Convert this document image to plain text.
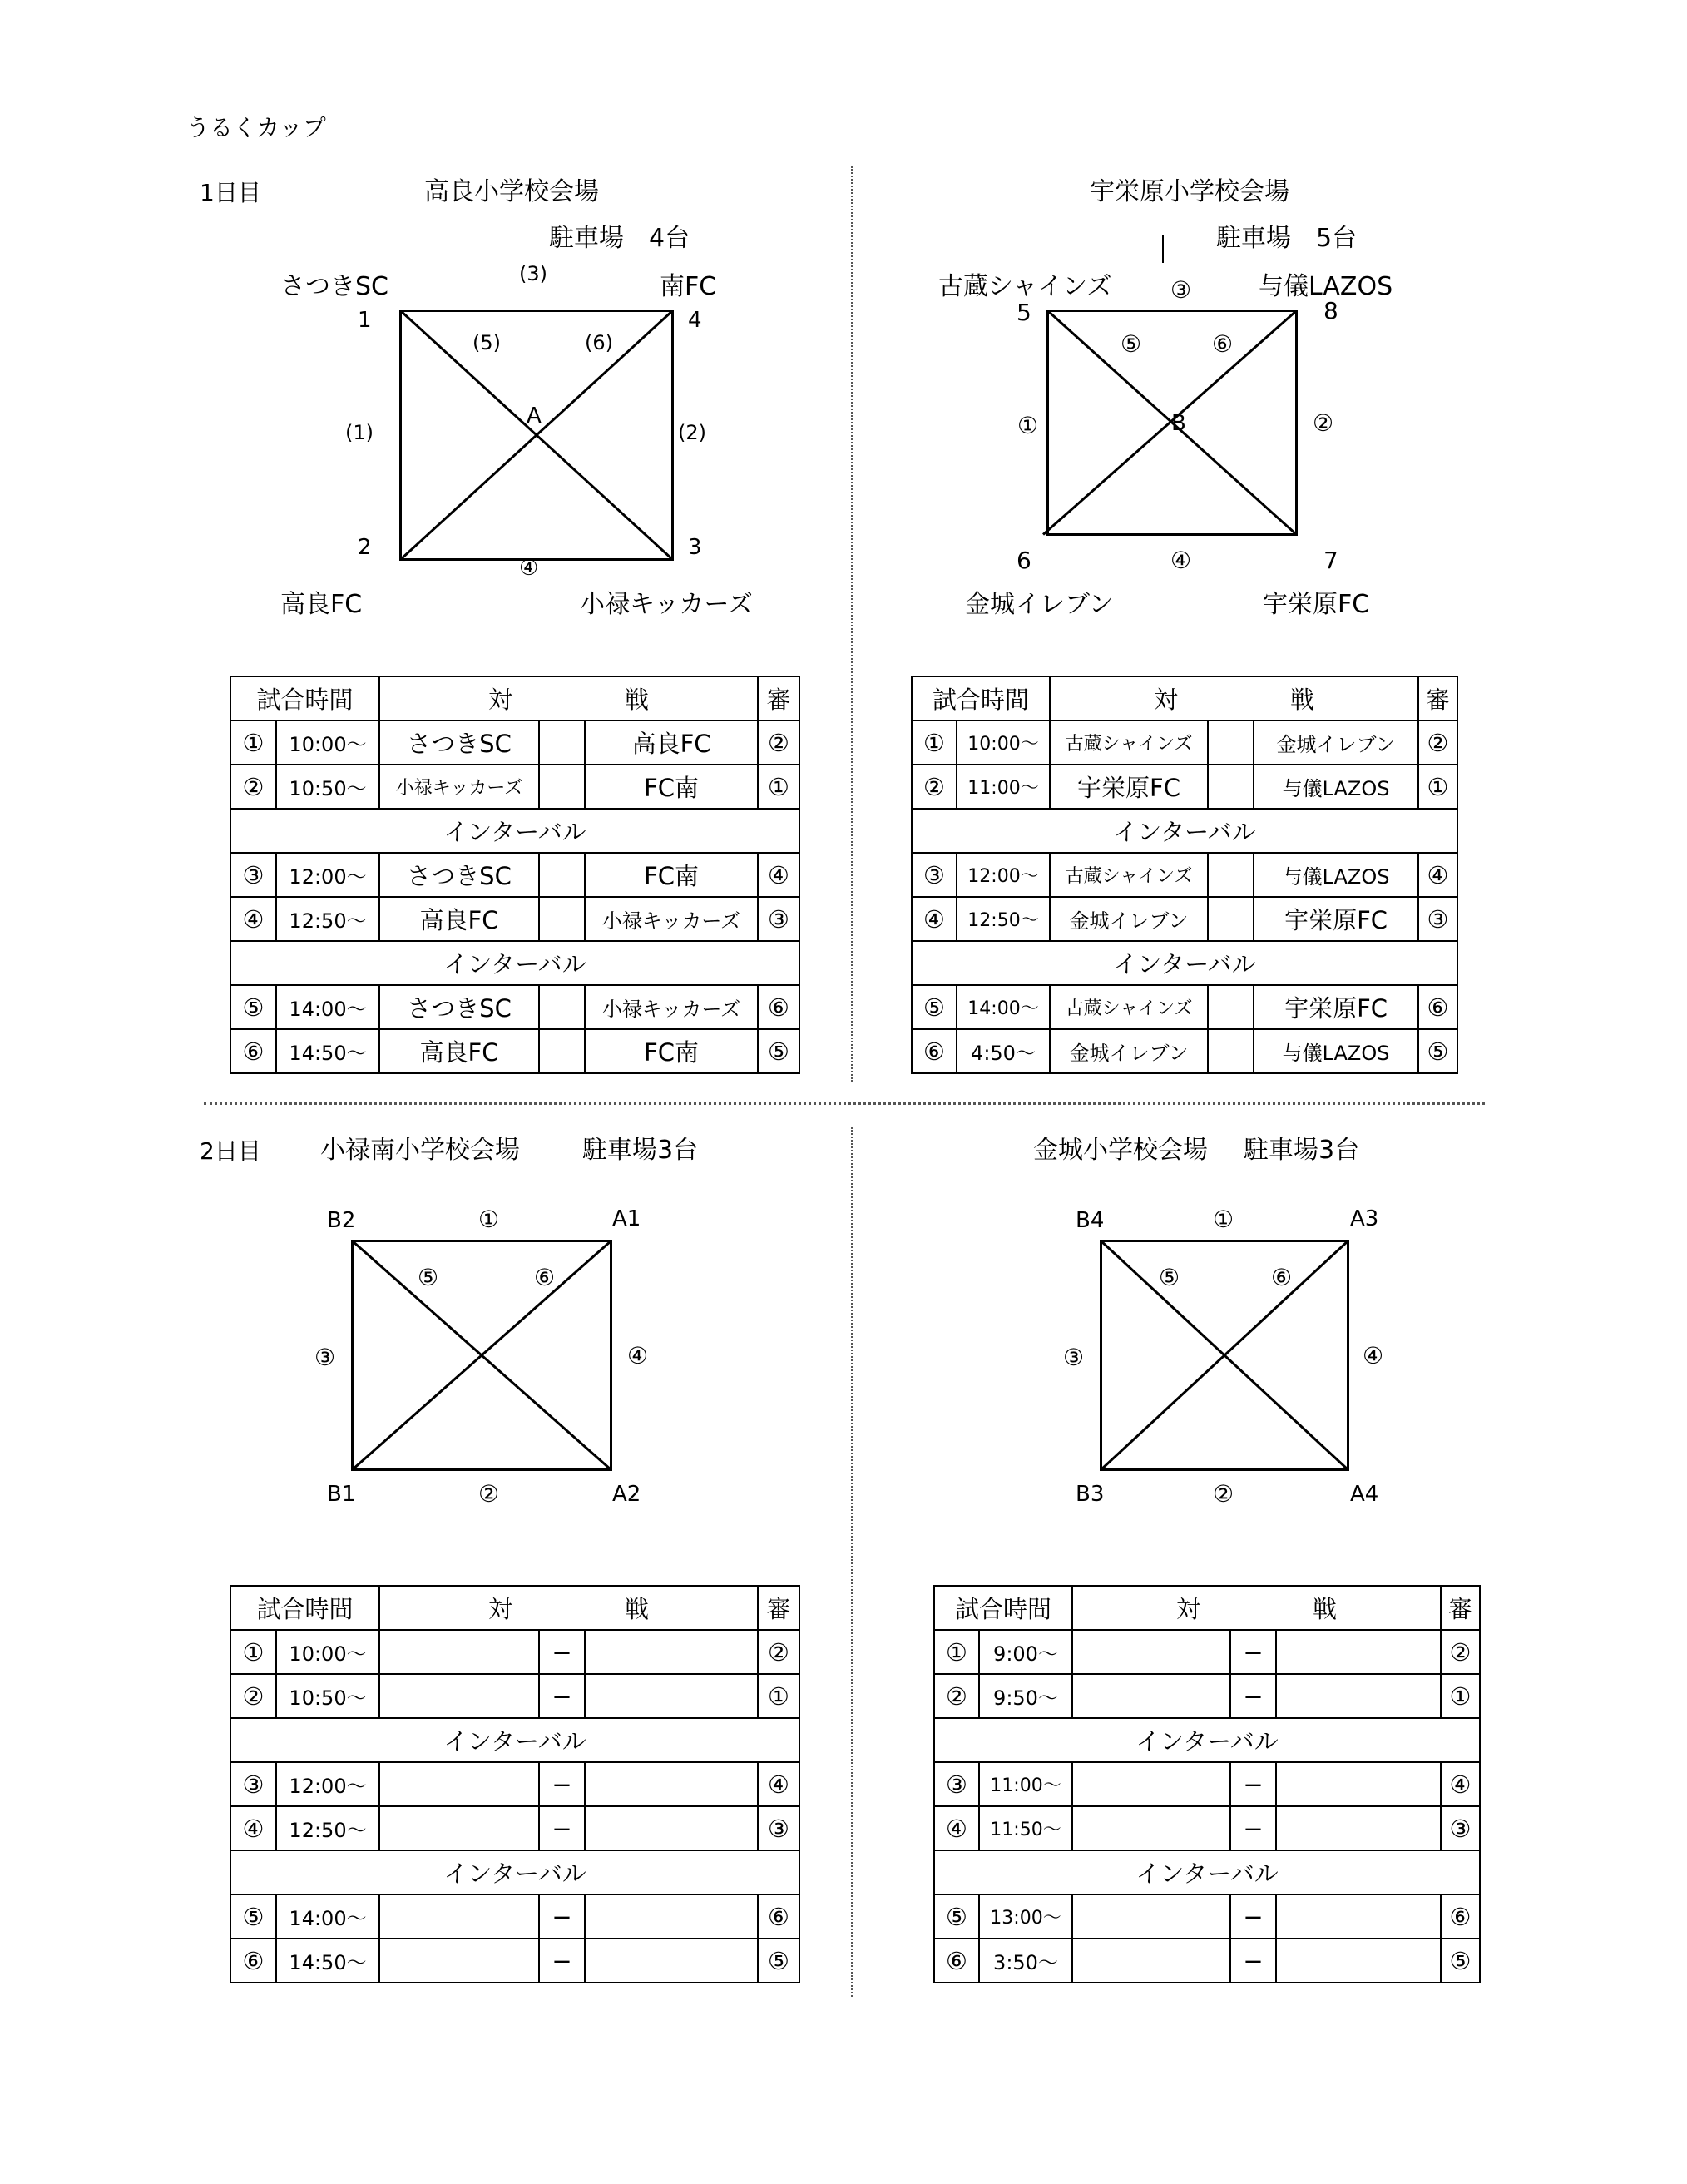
うるくカップ
1日目	高良小学校会場
駐車場　4台
さつきSC	南FC
高良FC	小禄キッカーズ
1	4
2	3
(3)
(5)	(6)
(1)	(2)
④
A
試合時間		対 戦			審
①	10:00〜	さつきSC		高良FC	②
②	10:50〜	小禄キッカーズ		FC南	①
インターバル					
③	12:00〜	さつきSC		FC南	④
④	12:50〜	高良FC		小禄キッカーズ	③
インターバル					
⑤	14:00〜	さつきSC		小禄キッカーズ	⑥
⑥	14:50〜	高良FC		FC南	⑤
宇栄原小学校会場
駐車場　5台
古蔵シャインズ	与儀LAZOS
金城イレブン	宇栄原FC
5	8
6	7
③
⑤	⑥
①	②
④
B
試合時間		対 戦			審
①	10:00〜	古蔵シャインズ		金城イレブン	②
②	11:00〜	宇栄原FC		与儀LAZOS	①
インターバル					
③	12:00〜	古蔵シャインズ		与儀LAZOS	④
④	12:50〜	金城イレブン		宇栄原FC	③
インターバル					
⑤	14:00〜	古蔵シャインズ		宇栄原FC	⑥
⑥	4:50〜	金城イレブン		与儀LAZOS	⑤
2日目 小禄南小学校会場	駐車場3台
B2	A1
B1	A2
①
⑤	⑥
③	④
②
試合時間		対 戦			審
①	10:00〜		−		②
②	10:50〜		−		①
インターバル					
③	12:00〜		−		④
④	12:50〜		−		③
インターバル					
⑤	14:00〜		−		⑥
⑥	14:50〜		−		⑤
金城小学校会場 駐車場3台
B4	A3
B3	A4
①
⑤	⑥
③	④
②
試合時間		対 戦			審
①	9:00〜		−		②
②	9:50〜		−		①
インターバル					
③	11:00〜		−		④
④	11:50〜		−		③
インターバル					
⑤	13:00〜		−		⑥
⑥	3:50〜		−		⑤
